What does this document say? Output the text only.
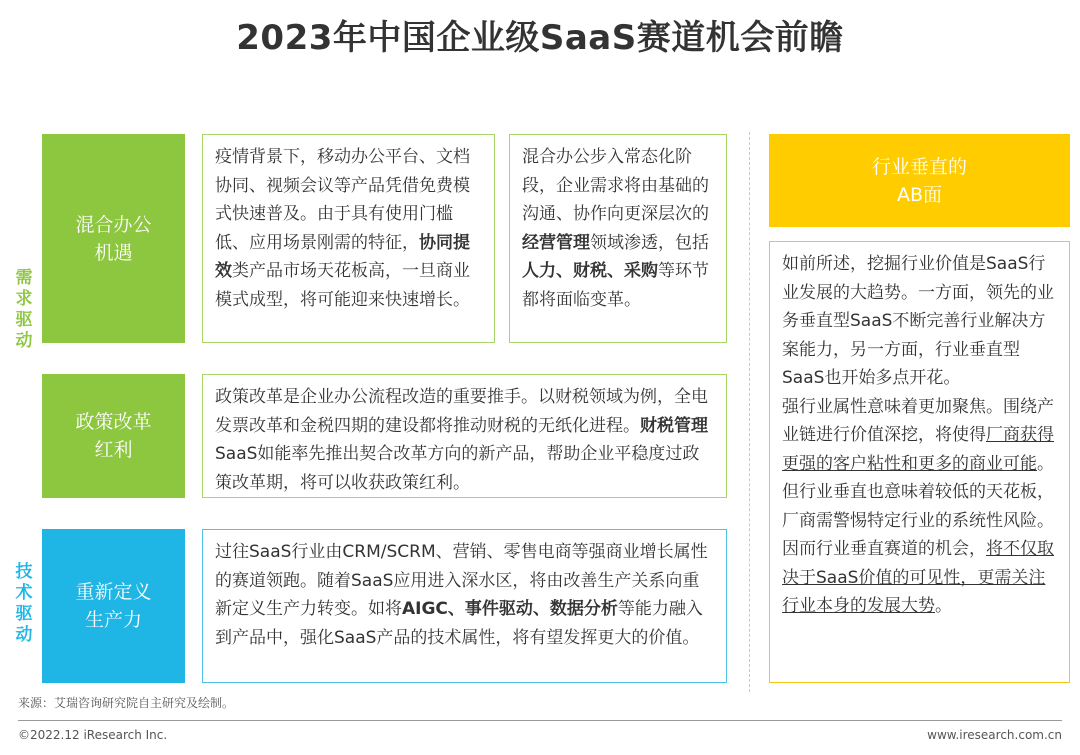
2023年中国企业级SaaS赛道机会前瞻
需求驱动
技术驱动
混合办公
机遇
政策改革
红利
重新定义
生产力
疫情背景下，移动办公平台、文档协同、视频会议等产品凭借免费模式快速普及。由于具有使用门槛低、应用场景刚需的特征，协同提效类产品市场天花板高，一旦商业模式成型，将可能迎来快速增长。
混合办公步入常态化阶段，企业需求将由基础的沟通、协作向更深层次的经营管理领域渗透，包括人力、财税、采购等环节都将面临变革。
政策改革是企业办公流程改造的重要推手。以财税领域为例，全电发票改革和金税四期的建设都将推动财税的无纸化进程。财税管理SaaS如能率先推出契合改革方向的新产品，帮助企业平稳度过政策改革期，将可以收获政策红利。
过往SaaS行业由CRM/SCRM、营销、零售电商等强商业增长属性的赛道领跑。随着SaaS应用进入深水区，将由改善生产关系向重新定义生产力转变。如将AIGC、事件驱动、数据分析等能力融入到产品中，强化SaaS产品的技术属性，将有望发挥更大的价值。
行业垂直的
AB面
如前所述，挖掘行业价值是SaaS行业发展的大趋势。一方面，领先的业务垂直型SaaS不断完善行业解决方案能力，另一方面，行业垂直型SaaS也开始多点开花。
强行业属性意味着更加聚焦。围绕产业链进行价值深挖，将使得厂商获得更强的客户粘性和更多的商业可能。但行业垂直也意味着较低的天花板，厂商需警惕特定行业的系统性风险。因而行业垂直赛道的机会，将不仅取决于SaaS价值的可见性，更需关注行业本身的发展大势。
来源：艾瑞咨询研究院自主研究及绘制。
©2022.12 iResearch Inc.	www.iresearch.com.cn
